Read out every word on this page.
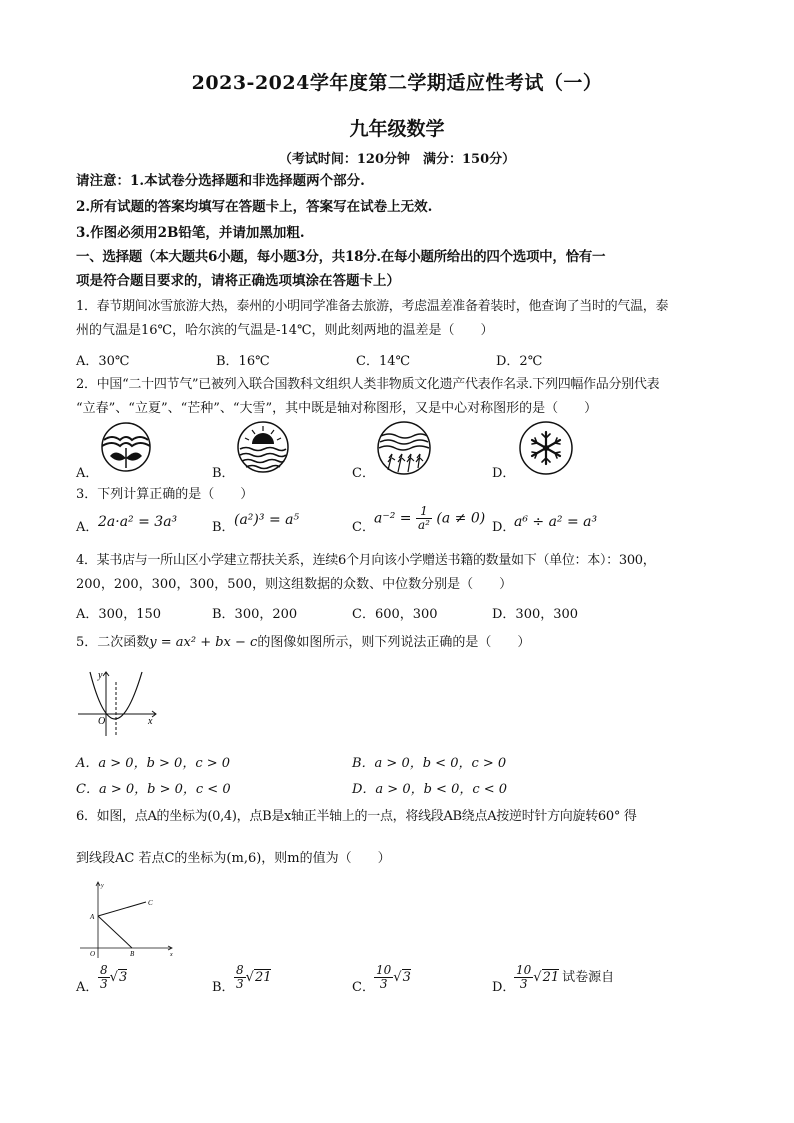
2023-2024学年度第二学期适应性考试（一）
九年级数学
（考试时间：120分钟　满分：150分）
请注意：1.本试卷分选择题和非选择题两个部分.
2.所有试题的答案均填写在答题卡上，答案写在试卷上无效.
3.作图必须用2B铅笔，并请加黑加粗.
一、选择题（本大题共6小题，每小题3分，共18分.在每小题所给出的四个选项中，恰有一
项是符合题目要求的，请将正确选项填涂在答题卡上）
1．春节期间冰雪旅游大热，泰州的小明同学准备去旅游，考虑温差准备着装时，他查询了当时的气温，泰
州的气温是16℃，哈尔滨的气温是-14℃，则此刻两地的温差是（　　）
A．30℃	B．16℃	C．14℃	D．2℃
2．中国“二十四节气”已被列入联合国教科文组织人类非物质文化遗产代表作名录.下列四幅作品分别代表
“立春”、“立夏”、“芒种”、“大雪”，其中既是轴对称图形，又是中心对称图形的是（　　）
A．	B．	C．	D．
3．下列计算正确的是（　　）
A． 2a·a² = 3a³	B． (a²)³ = a⁵	C．
$a^{-2} = \frac{1}{\text{a²}} (a \ne 0)$
D．
a⁶ ÷ a² = a³
4．某书店与一所山区小学建立帮扶关系，连续6个月向该小学赠送书籍的数量如下（单位：本）：300，
200，200，300，300，500，则这组数据的众数、中位数分别是（　　）
A．300，150	B．300，200	C．600，300	D．300，300
5．二次函数y = ax² + bx − c的图像如图所示，则下列说法正确的是（　　）
y
x
O
A．a > 0，b > 0，c > 0	B．a > 0，b < 0，c > 0
C．a > 0，b > 0，c < 0	D．a > 0，b < 0，c < 0
6．如图，点A的坐标为(0,4)，点B是x轴正半轴上的一点，将线段AB绕点A按逆时针方向旋转60° 得
到线段AC 若点C的坐标为(m,6)，则m的值为（　　）
A
B
C
O	x
y
A． $\frac{8}{3} √3$
B． $\frac{8}{3} √21$
C． $\frac{10}{3} √3$
D．
$\frac{10}{3} √21$ 试卷源自
